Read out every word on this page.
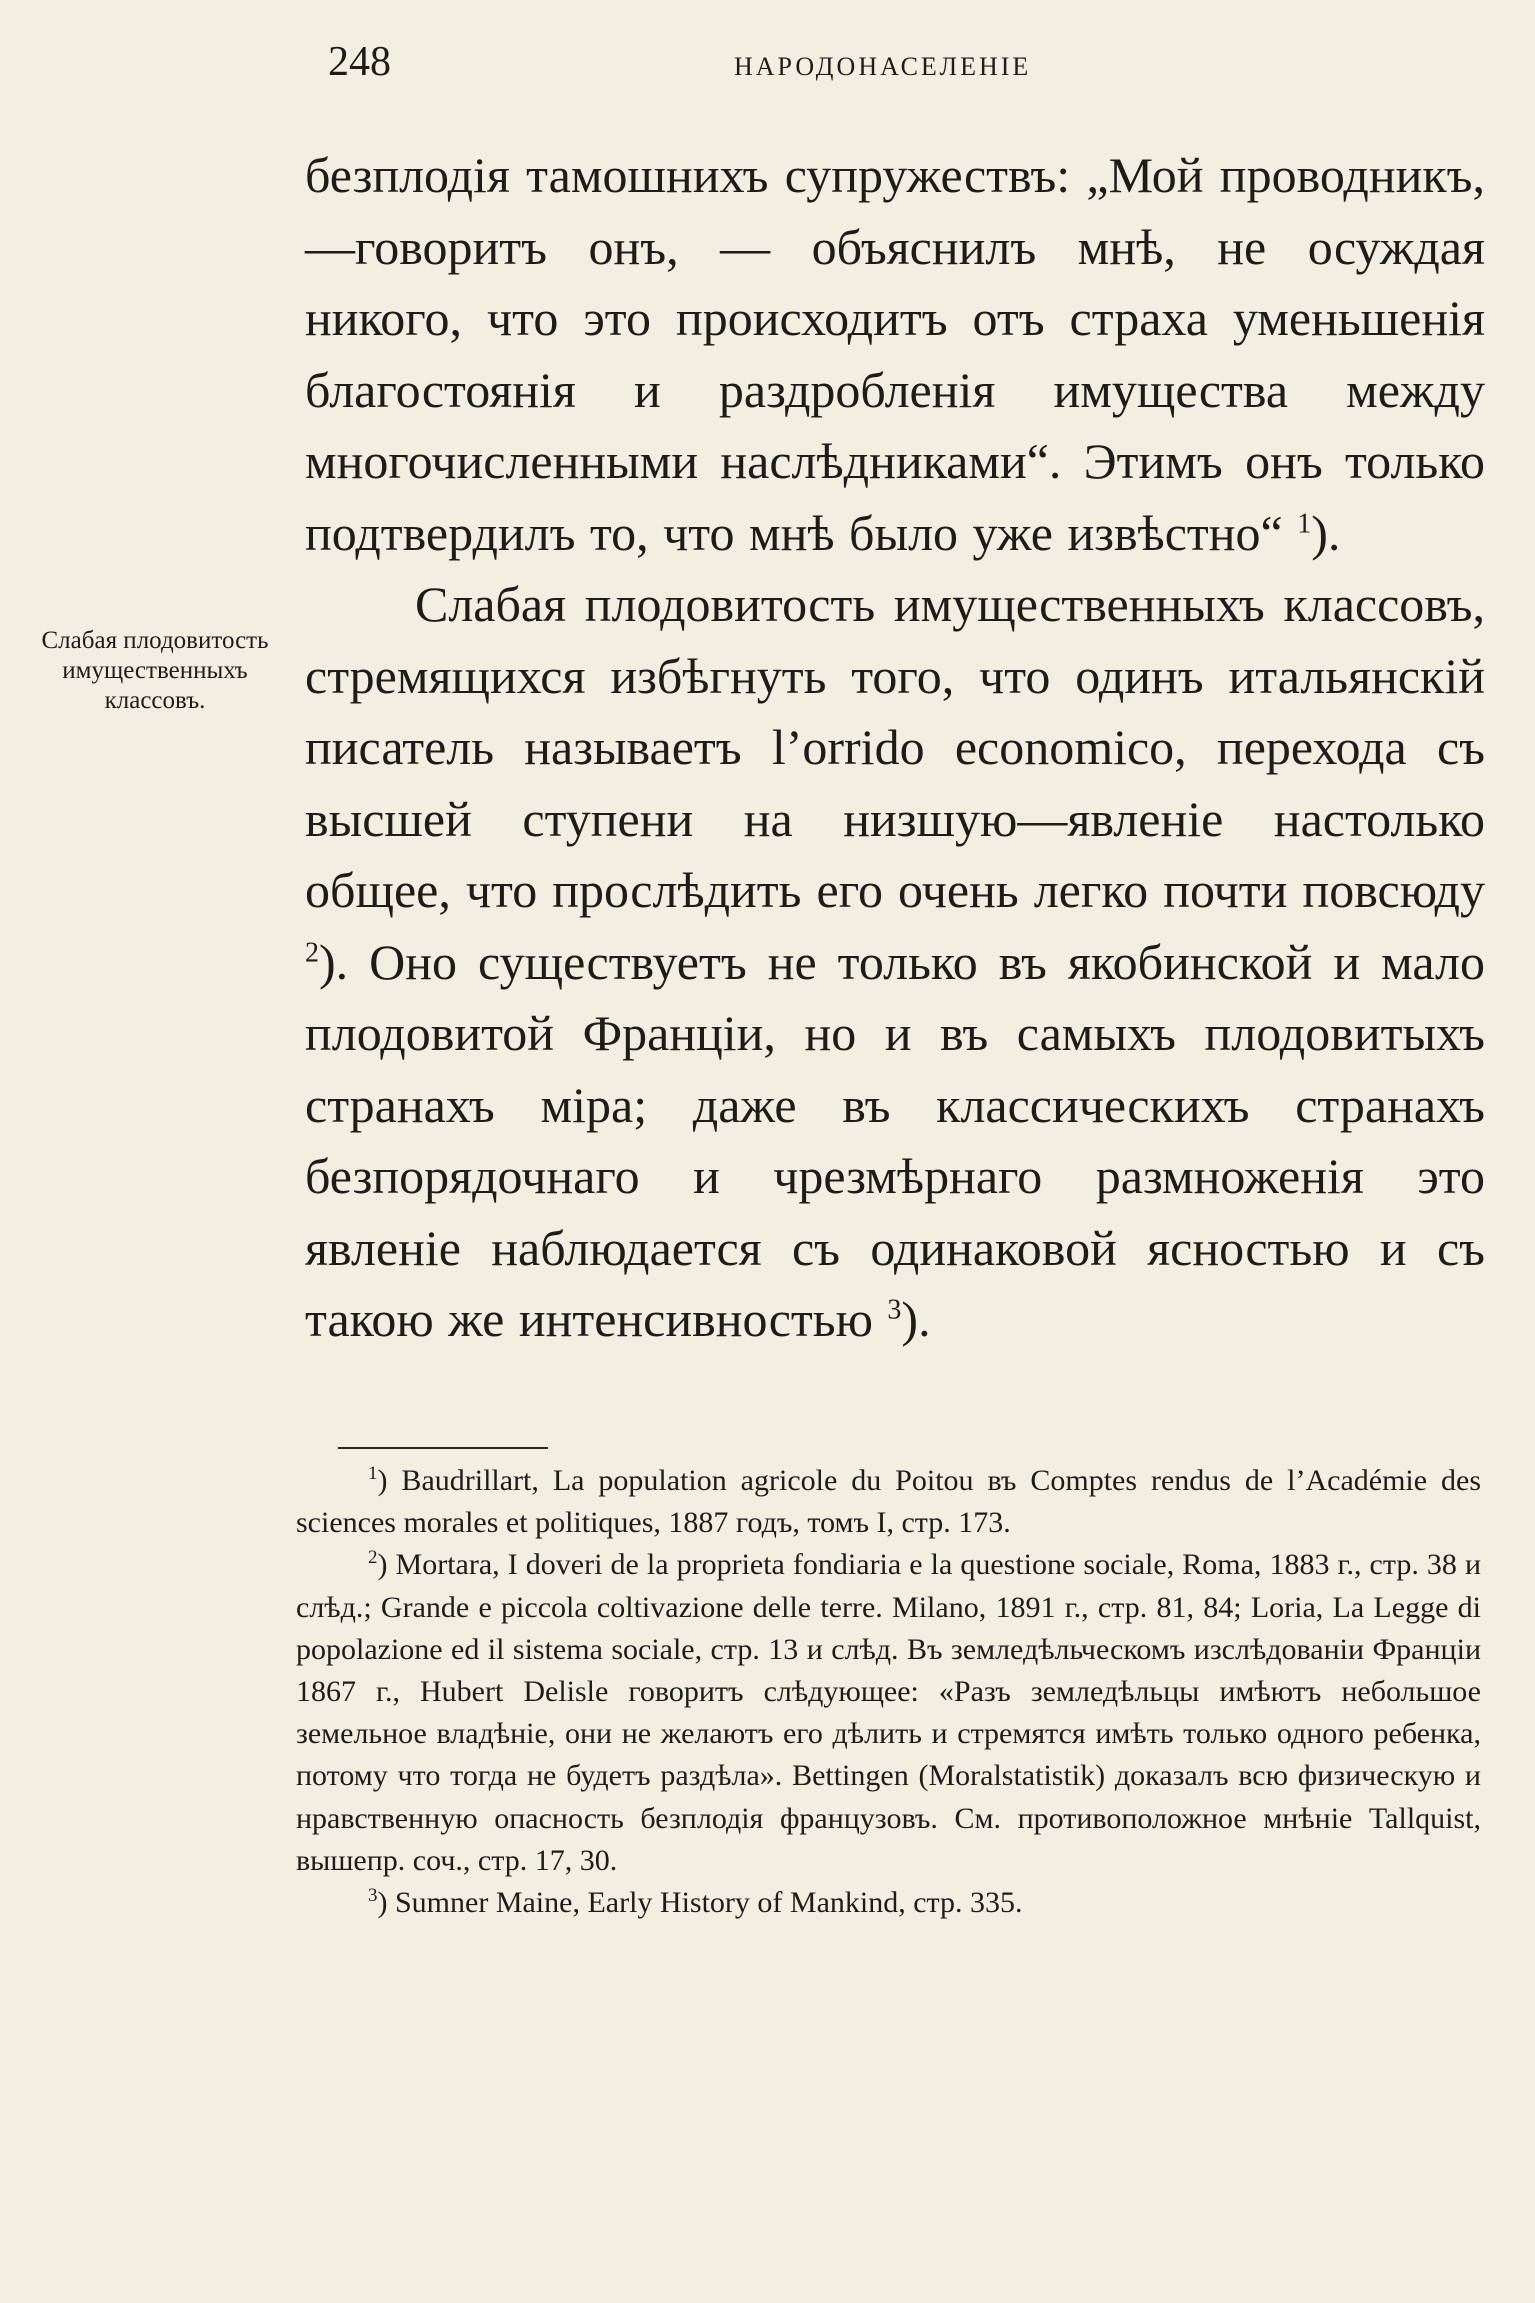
248	НАРОДОНАСЕЛЕНІЕ
Слабая плодовитость имущественныхъ классовъ.

безплодія тамошнихъ супружествъ: „Мой проводникъ,—говоритъ онъ, — объяснилъ мнѣ, не осуждая никого, что это происходитъ отъ страха уменьшенія благостоянія и раздробленія имущества между многочисленными наслѣдниками“. Этимъ онъ только подтвердилъ то, что мнѣ было уже извѣстно“ $^1$).

Слабая плодовитость имущественныхъ классовъ, стремящихся избѣгнуть того, что одинъ итальянскій писатель называетъ l’orrido economico, перехода съ высшей ступени на низшую—явленіе настолько общее, что прослѣдить его очень легко почти повсюду $^2$). Оно существуетъ не только въ якобинской и мало плодовитой Франціи, но и въ самыхъ плодовитыхъ странахъ міра; даже въ классическихъ странахъ безпорядочнаго и чрезмѣрнаго размноженія это явленіе наблюдается съ одинаковой ясностью и съ такою же интенсивностью $^3$).

$^1$) Baudrillart, La population agricole du Poitou въ Comptes rendus de l’Académie des sciences morales et politiques, 1887 годъ, томъ I, стр. 173.

$^2$) Mortara, I doveri de la proprieta fondiaria e la questione sociale, Roma, 1883 г., стр. 38 и слѣд.; Grande e piccola coltivazione delle terre. Milano, 1891 г., стр. 81, 84; Loria, La Legge di popolazione ed il sistema sociale, стр. 13 и слѣд. Въ земледѣльческомъ изслѣдованіи Франціи 1867 г., Hubert Delisle говоритъ слѣдующее: «Разъ земледѣльцы имѣютъ небольшое земельное владѣніе, они не желаютъ его дѣлить и стремятся имѣть только одного ребенка, потому что тогда не будетъ раздѣла». Bettingen (Moralstatistik) доказалъ всю физическую и нравственную опасность безплодія французовъ. См. противоположное мнѣніе Tallquist, вышепр. соч., стр. 17, 30.

$^3$) Sumner Maine, Early History of Mankind, стр. 335.
